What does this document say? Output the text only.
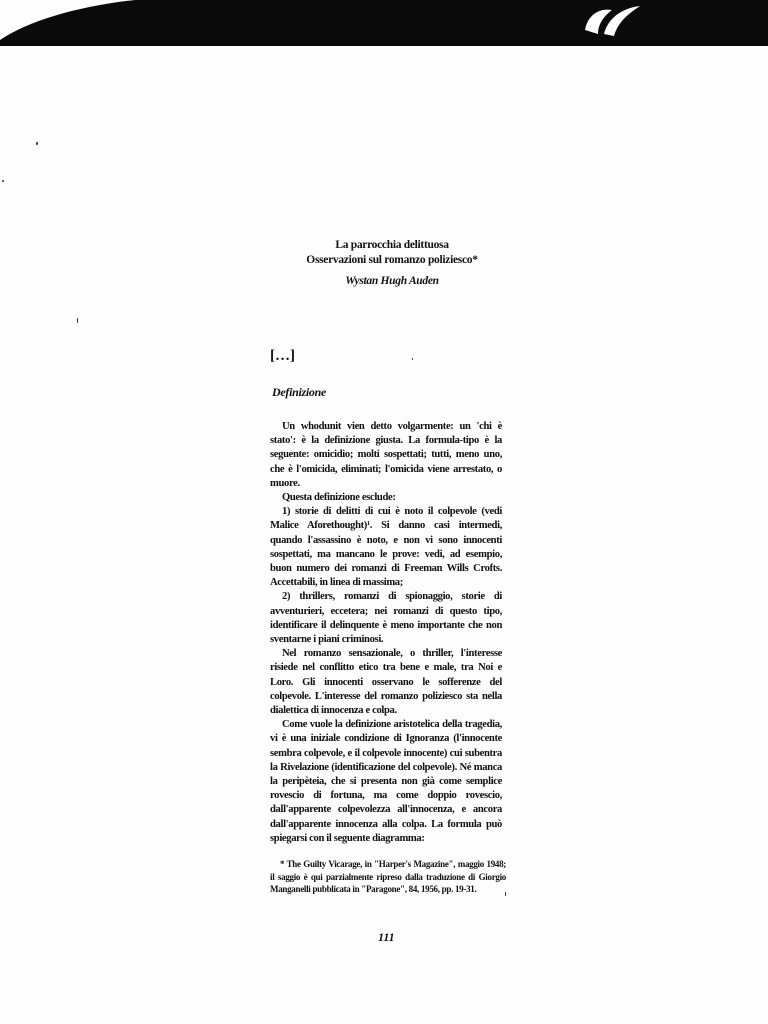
La parrocchia delittuosa
Osservazioni sul romanzo poliziesco*
Wystan Hugh Auden
[…]
Definizione

Un whodunit vien detto volgarmente: un 'chi è stato': è la definizione giusta. La formula-tipo è la seguente: omicidio; molti sospettati; tutti, meno uno, che è l'omicida, eliminati; l'omicida viene arrestato, o muore.

Questa definizione esclude:

1) storie di delitti di cui è noto il colpevole (vedi Malice Aforethought)¹. Si danno casi intermedi, quando l'assassino è noto, e non vi sono innocenti sospettati, ma mancano le prove: vedi, ad esempio, buon numero dei romanzi di Freeman Wills Crofts. Accettabili, in linea di massima;

2) thrillers, romanzi di spionaggio, storie di avventurieri, eccetera; nei romanzi di questo tipo, identificare il delinquente è meno importante che non sventarne i piani criminosi.

Nel romanzo sensazionale, o thriller, l'interesse risiede nel conflitto etico tra bene e male, tra Noi e Loro. Gli innocenti osservano le sofferenze del colpevole. L'interesse del romanzo poliziesco sta nella dialettica di innocenza e colpa.

Come vuole la definizione aristotelica della tragedia, vi è una iniziale condizione di Ignoranza (l'innocente sembra colpevole, e il colpevole innocente) cui subentra la Rivelazione (identificazione del colpevole). Né manca la peripèteia, che si presenta non già come semplice rovescio di fortuna, ma come doppio rovescio, dall'apparente colpevolezza all'innocenza, e ancora dall'apparente innocenza alla colpa. La formula può spiegarsi con il seguente diagramma:

* The Guilty Vicarage, in "Harper's Magazine", maggio 1948; il saggio è qui parzialmente ripreso dalla traduzione di Giorgio Manganelli pubblicata in "Paragone", 84, 1956, pp. 19-31.

111
